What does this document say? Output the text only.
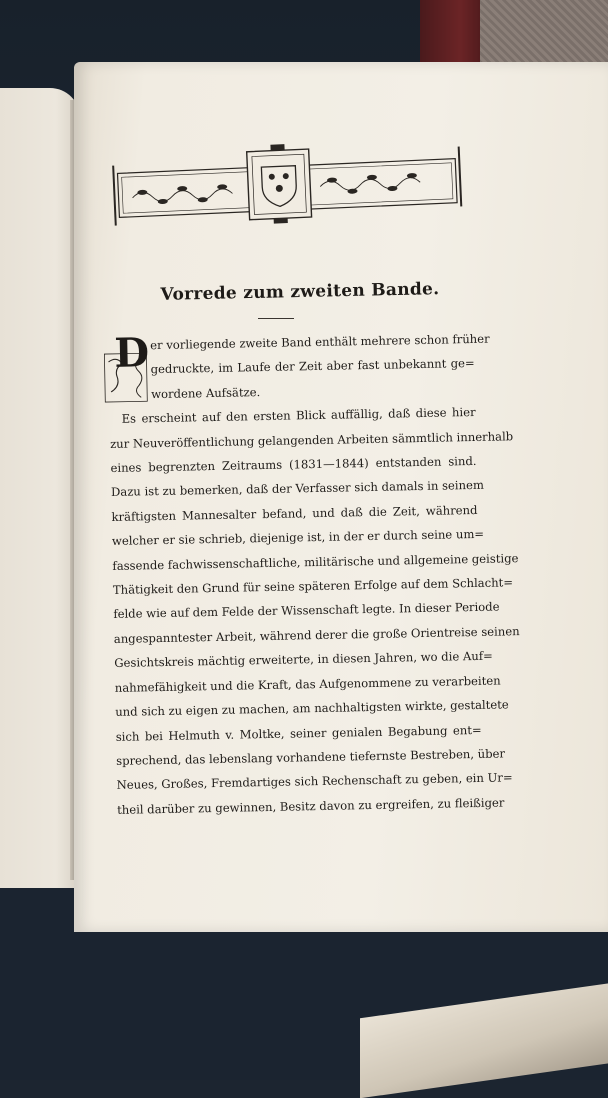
Vorrede zum zweiten Bande.
D er vorliegende zweite Band enthält mehrere schon früher
gedruckte, im Laufe der Zeit aber fast unbekannt ge=
wordene Aufsätze.
Es erscheint auf den ersten Blick auffällig, daß diese hier
zur Neuveröffentlichung gelangenden Arbeiten sämmtlich innerhalb
eines begrenzten Zeitraums (1831—1844) entstanden sind.
Dazu ist zu bemerken, daß der Verfasser sich damals in seinem
kräftigsten Mannesalter befand, und daß die Zeit, während
welcher er sie schrieb, diejenige ist, in der er durch seine um=
fassende fachwissenschaftliche, militärische und allgemeine geistige
Thätigkeit den Grund für seine späteren Erfolge auf dem Schlacht=
felde wie auf dem Felde der Wissenschaft legte. In dieser Periode
angespanntester Arbeit, während derer die große Orientreise seinen
Gesichtskreis mächtig erweiterte, in diesen Jahren, wo die Auf=
nahmefähigkeit und die Kraft, das Aufgenommene zu verarbeiten
und sich zu eigen zu machen, am nachhaltigsten wirkte, gestaltete
sich bei Helmuth v. Moltke, seiner genialen Begabung ent=
sprechend, das lebenslang vorhandene tiefernste Bestreben, über
Neues, Großes, Fremdartiges sich Rechenschaft zu geben, ein Ur=
theil darüber zu gewinnen, Besitz davon zu ergreifen, zu fleißiger
